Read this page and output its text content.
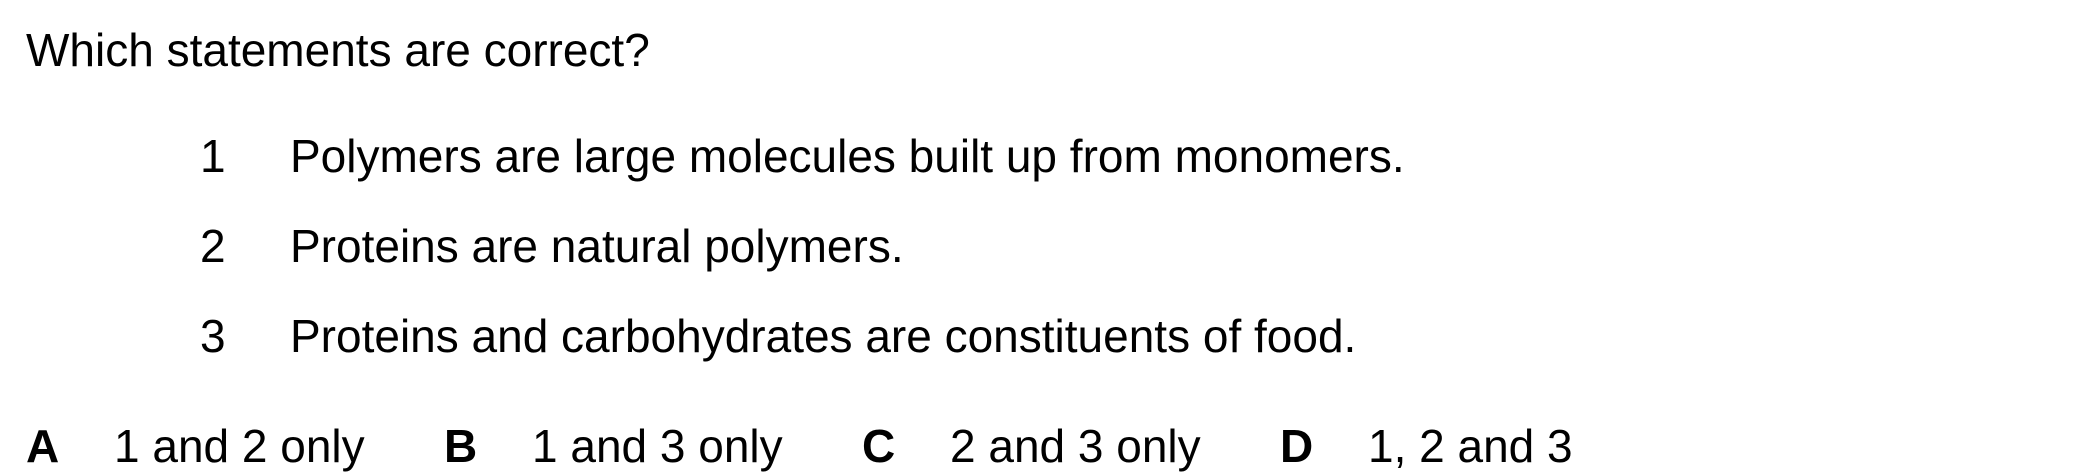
Which statements are correct?
1	Polymers are large molecules built up from monomers.
2	Proteins are natural polymers.
3	Proteins and carbohydrates are constituents of food.
A 1 and 2 only B 1 and 3 only C 2 and 3 only D 1, 2 and 3
